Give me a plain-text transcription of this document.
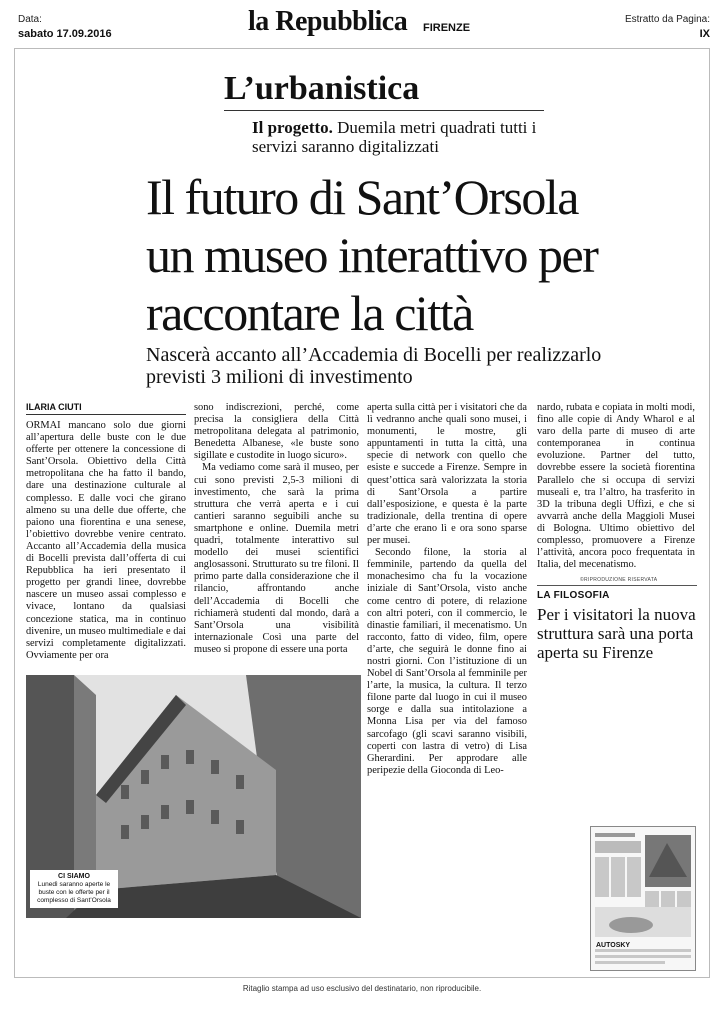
Data:
sabato 17.09.2016	la Repubblica FIRENZE
Estratto da Pagina:
IX
L’urbanistica
Il progetto. Duemila metri quadrati tutti i servizi saranno digitalizzati
Il futuro di Sant’Orsola un museo interattivo per raccontare la città
Nascerà accanto all’Accademia di Bocelli per realizzarlo previsti 3 milioni di investimento
ILARIA CIUTI

ORMAI mancano solo due giorni all’apertura delle buste con le due offerte per ottenere la concessione di Sant’Orsola. Obiettivo della Città metropolitana che ha fatto il bando, dare una destinazione culturale al complesso. E dalle voci che girano almeno su una delle due offerte, che paiono una fiorentina e una senese, l’obiettivo dovrebbe venire centrato. Accanto all’Accademia della musica di Bocelli prevista dall’offerta di cui Repubblica ha ieri presentato il progetto per grandi linee, dovrebbe nascere un museo assai complesso e vivace, lontano da qualsiasi concezione statica, ma in continuo divenire, un museo multimediale e dai servizi completamente digitalizzati. Ovviamente per ora

sono indiscrezioni, perché, come precisa la consigliera della Città metropolitana delegata al patrimonio, Benedetta Albanese, «le buste sono sigillate e custodite in luogo sicuro».

Ma vediamo come sarà il museo, per cui sono previsti 2,5-3 milioni di investimento, che sarà la prima struttura che verrà aperta e i cui cantieri saranno seguibili anche su smartphone e online. Duemila metri quadri, totalmente interattivo sul modello dei musei scientifici anglosassoni. Strutturato su tre filoni. Il primo parte dalla considerazione che il rilancio, affrontando anche dell’Accademia di Bocelli che richiamerà studenti dal mondo, darà a Sant’Orsola una visibilità internazionale Così una parte del museo si propone di essere una porta

aperta sulla città per i visitatori che da lì vedranno anche quali sono musei, i monumenti, le mostre, gli appuntamenti in tutta la città, una specie di network con quello che esiste e succede a Firenze. Sempre in quest’ottica sarà valorizzata la storia di Sant’Orsola a partire dall’esposizione, e questa è la parte tradizionale, della trentina di opere d’arte che erano lì e ora sono sparse per musei.

Secondo filone, la storia al femminile, partendo da quella del monachesimo cha fu la vocazione iniziale di Sant’Orsola, visto anche come centro di potere, di relazione con altri poteri, con il commercio, le dinastie familiari, il mecenatismo. Un racconto, fatto di video, film, opere d’arte, che seguirà le donne fino ai nostri giorni. Con l’istituzione di un Nobel di Sant’Orsola al femminile per l’arte, la musica, la cultura. Il terzo filone parte dal luogo in cui il museo sorge e dalla sua intitolazione a Monna Lisa per via del famoso sarcofago (gli scavi saranno visibili, coperti con lastra di vetro) di Lisa Gherardini. Per approdare alle peripezie della Gioconda di Leo-

nardo, rubata e copiata in molti modi, fino alle copie di Andy Wharol e al varo della parte di museo di arte contemporanea in continua evoluzione. Partner del tutto, dovrebbe essere la società fiorentina Parallelo che si occupa di servizi museali e, tra l’altro, ha trasferito in 3D la tribuna degli Uffizi, e che si avvarrà anche della Maggioli Musei di Bologna. Ultimo obiettivo del complesso, promuovere a Firenze l’attività, ancora poco frequentata in Italia, del mecenatismo.

©RIPRODUZIONE RISERVATA
CI SIAMO
Lunedì saranno aperte le buste con le offerte per il complesso di Sant’Orsola
LA FILOSOFIA
Per i visitatori la nuova struttura sarà una porta aperta su Firenze
AUTOSKY
Ritaglio stampa ad uso esclusivo del destinatario, non riproducibile.
